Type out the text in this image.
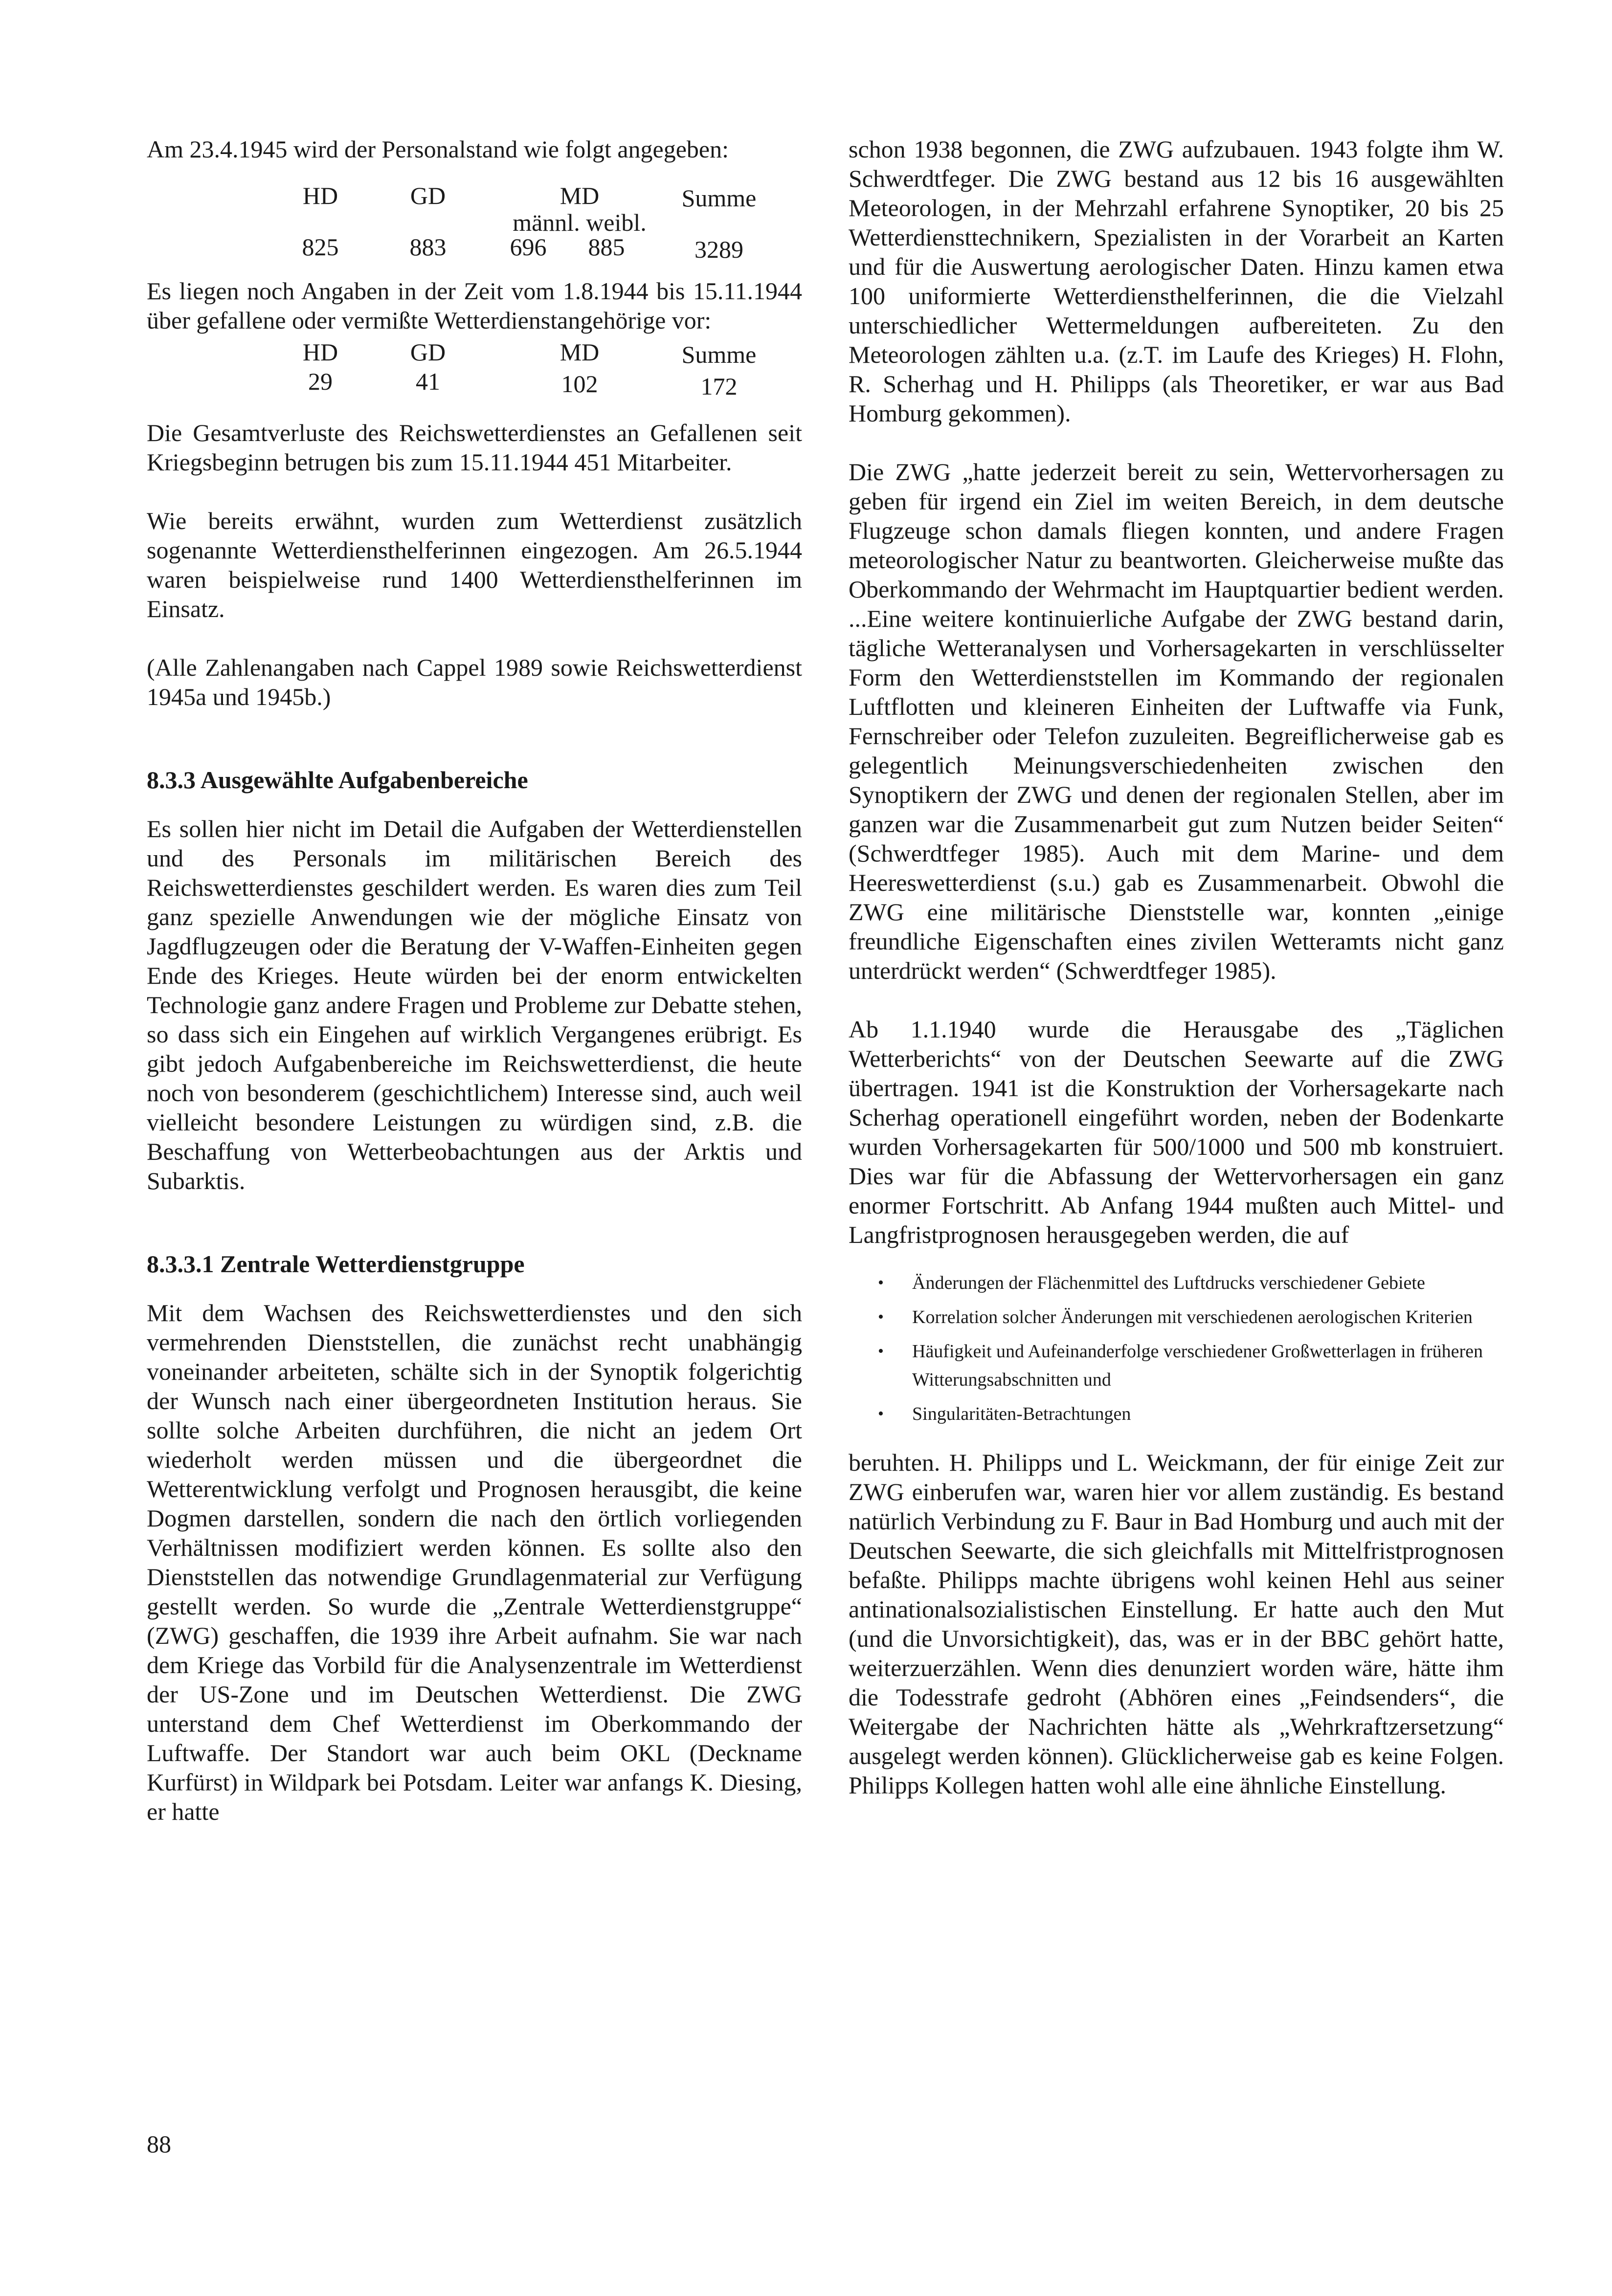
Am 23.4.1945 wird der Personalstand wie folgt angegeben:

HD	GD	MD	Summe
männl. weibl.
825	883	696	885	3289

Es liegen noch Angaben in der Zeit vom 1.8.1944 bis 15.11.1944 über gefallene oder vermißte Wetterdienstangehörige vor:

HD	GD	MD	Summe
29	41	102	172

Die Gesamtverluste des Reichswetterdienstes an Gefallenen seit Kriegsbeginn betrugen bis zum 15.11.1944 451 Mitarbeiter.

Wie bereits erwähnt, wurden zum Wetterdienst zusätzlich sogenannte Wetterdiensthelferinnen eingezogen. Am 26.5.1944 waren beispielweise rund 1400 Wetterdiensthelferinnen im Einsatz.

(Alle Zahlenangaben nach Cappel 1989 sowie Reichswetterdienst 1945a und 1945b.)

8.3.3 Ausgewählte Aufgabenbereiche

Es sollen hier nicht im Detail die Aufgaben der Wetterdienstellen und des Personals im militärischen Bereich des Reichswetterdienstes geschildert werden. Es waren dies zum Teil ganz spezielle Anwendungen wie der mögliche Einsatz von Jagdflugzeugen oder die Beratung der V-Waffen-Einheiten gegen Ende des Krieges. Heute würden bei der enorm entwickelten Technologie ganz andere Fragen und Probleme zur Debatte stehen, so dass sich ein Eingehen auf wirklich Vergangenes erübrigt. Es gibt jedoch Aufgabenbereiche im Reichswetterdienst, die heute noch von besonderem (geschichtlichem) Interesse sind, auch weil vielleicht besondere Leistungen zu würdigen sind, z.B. die Beschaffung von Wetterbeobachtungen aus der Arktis und Subarktis.

8.3.3.1 Zentrale Wetterdienstgruppe

Mit dem Wachsen des Reichswetterdienstes und den sich vermehrenden Dienststellen, die zunächst recht unabhängig voneinander arbeiteten, schälte sich in der Synoptik folgerichtig der Wunsch nach einer übergeordneten Institution heraus. Sie sollte solche Arbeiten durchführen, die nicht an jedem Ort wiederholt werden müssen und die übergeordnet die Wetterentwicklung verfolgt und Prognosen herausgibt, die keine Dogmen darstellen, sondern die nach den örtlich vorliegenden Verhältnissen modifiziert werden können. Es sollte also den Dienststellen das notwendige Grundlagenmaterial zur Verfügung gestellt werden. So wurde die „Zentrale Wetterdienstgruppe“ (ZWG) geschaffen, die 1939 ihre Arbeit aufnahm. Sie war nach dem Kriege das Vorbild für die Analysenzentrale im Wetterdienst der US-Zone und im Deutschen Wetterdienst. Die ZWG unterstand dem Chef Wetterdienst im Oberkommando der Luftwaffe. Der Standort war auch beim OKL (Deckname Kurfürst) in Wildpark bei Potsdam. Leiter war anfangs K. Diesing, er hatte

schon 1938 begonnen, die ZWG aufzubauen. 1943 folgte ihm W. Schwerdtfeger. Die ZWG bestand aus 12 bis 16 ausgewählten Meteorologen, in der Mehrzahl erfahrene Synoptiker, 20 bis 25 Wetterdiensttechnikern, Spezialisten in der Vorarbeit an Karten und für die Auswertung aerologischer Daten. Hinzu kamen etwa 100 uniformierte Wetterdiensthelferinnen, die die Vielzahl unterschiedlicher Wettermeldungen aufbereiteten. Zu den Meteorologen zählten u.a. (z.T. im Laufe des Krieges) H. Flohn, R. Scherhag und H. Philipps (als Theoretiker, er war aus Bad Homburg gekommen).

Die ZWG „hatte jederzeit bereit zu sein, Wettervorhersagen zu geben für irgend ein Ziel im weiten Bereich, in dem deutsche Flugzeuge schon damals fliegen konnten, und andere Fragen meteorologischer Natur zu beantworten. Gleicherweise mußte das Oberkommando der Wehrmacht im Hauptquartier bedient werden. ...Eine weitere kontinuierliche Aufgabe der ZWG bestand darin, tägliche Wetteranalysen und Vorhersagekarten in verschlüsselter Form den Wetterdienststellen im Kommando der regionalen Luftflotten und kleineren Einheiten der Luftwaffe via Funk, Fernschreiber oder Telefon zuzuleiten. Begreiflicherweise gab es gelegentlich Meinungsverschiedenheiten zwischen den Synoptikern der ZWG und denen der regionalen Stellen, aber im ganzen war die Zusammenarbeit gut zum Nutzen beider Seiten“ (Schwerdtfeger 1985). Auch mit dem Marine- und dem Heereswetterdienst (s.u.) gab es Zusammenarbeit. Obwohl die ZWG eine militärische Dienststelle war, konnten „einige freundliche Eigenschaften eines zivilen Wetteramts nicht ganz unterdrückt werden“ (Schwerdtfeger 1985).

Ab 1.1.1940 wurde die Herausgabe des „Täglichen Wetterberichts“ von der Deutschen Seewarte auf die ZWG übertragen. 1941 ist die Konstruktion der Vorhersagekarte nach Scherhag operationell eingeführt worden, neben der Bodenkarte wurden Vorhersagekarten für 500/1000 und 500 mb konstruiert. Dies war für die Abfassung der Wettervorhersagen ein ganz enormer Fortschritt. Ab Anfang 1944 mußten auch Mittel- und Langfristprognosen herausgegeben werden, die auf

• Änderungen der Flächenmittel des Luftdrucks verschiedener Gebiete
• Korrelation solcher Änderungen mit verschiedenen aerologischen Kriterien
• Häufigkeit und Aufeinanderfolge verschiedener Großwetterlagen in früheren Witterungsabschnitten und
• Singularitäten-Betrachtungen

beruhten. H. Philipps und L. Weickmann, der für einige Zeit zur ZWG einberufen war, waren hier vor allem zuständig. Es bestand natürlich Verbindung zu F. Baur in Bad Homburg und auch mit der Deutschen Seewarte, die sich gleichfalls mit Mittelfristprognosen befaßte. Philipps machte übrigens wohl keinen Hehl aus seiner antinationalsozialistischen Einstellung. Er hatte auch den Mut (und die Unvorsichtigkeit), das, was er in der BBC gehört hatte, weiterzuerzählen. Wenn dies denunziert worden wäre, hätte ihm die Todesstrafe gedroht (Abhören eines „Feindsenders“, die Weitergabe der Nachrichten hätte als „Wehrkraftzersetzung“ ausgelegt werden können). Glücklicherweise gab es keine Folgen. Philipps Kollegen hatten wohl alle eine ähnliche Einstellung.

88
